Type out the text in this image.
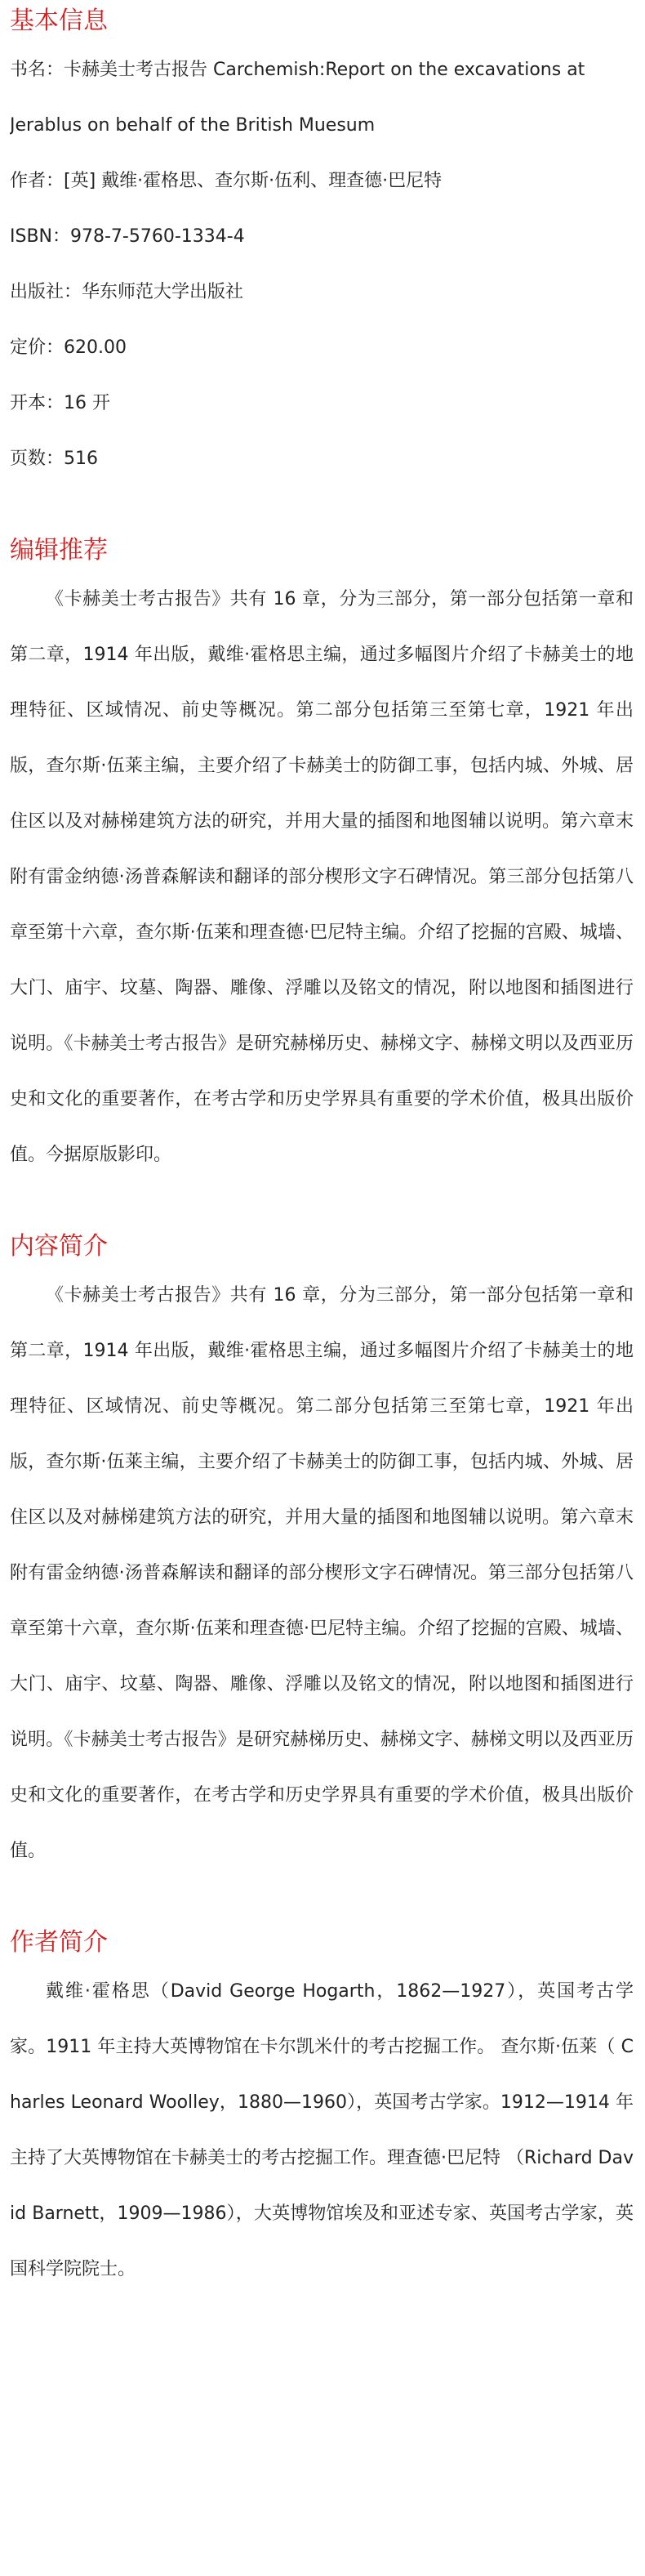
基本信息
书名：卡赫美士考古报告 Carchemish:Report on the excavations at
Jerablus on behalf of the British Muesum
作者：[英] 戴维·霍格思、查尔斯·伍利、理查德·巴尼特
ISBN：978-7-5760-1334-4
出版社：华东师范大学出版社
定价：620.00
开本：16 开
页数：516
编辑推荐

《卡赫美士考古报告》共有 16 章，分为三部分，第一部分包括第一章和第二章，1914 年出版，戴维·霍格思主编，通过多幅图片介绍了卡赫美士的地理特征、区域情况、前史等概况。第二部分包括第三至第七章，1921 年出版，查尔斯·伍莱主编，主要介绍了卡赫美士的防御工事，包括内城、外城、居住区以及对赫梯建筑方法的研究，并用大量的插图和地图辅以说明。第六章末附有雷金纳德·汤普森解读和翻译的部分楔形文字石碑情况。第三部分包括第八章至第十六章，查尔斯·伍莱和理查德·巴尼特主编。介绍了挖掘的宫殿、城墙、大门、庙宇、坟墓、陶器、雕像、浮雕以及铭文的情况，附以地图和插图进行说明。《卡赫美士考古报告》是研究赫梯历史、赫梯文字、赫梯文明以及西亚历史和文化的重要著作，在考古学和历史学界具有重要的学术价值，极具出版价值。今据原版影印。

内容简介

《卡赫美士考古报告》共有 16 章，分为三部分，第一部分包括第一章和第二章，1914 年出版，戴维·霍格思主编，通过多幅图片介绍了卡赫美士的地理特征、区域情况、前史等概况。第二部分包括第三至第七章，1921 年出版，查尔斯·伍莱主编，主要介绍了卡赫美士的防御工事，包括内城、外城、居住区以及对赫梯建筑方法的研究，并用大量的插图和地图辅以说明。第六章末附有雷金纳德·汤普森解读和翻译的部分楔形文字石碑情况。第三部分包括第八章至第十六章，查尔斯·伍莱和理查德·巴尼特主编。介绍了挖掘的宫殿、城墙、大门、庙宇、坟墓、陶器、雕像、浮雕以及铭文的情况，附以地图和插图进行说明。《卡赫美士考古报告》是研究赫梯历史、赫梯文字、赫梯文明以及西亚历史和文化的重要著作，在考古学和历史学界具有重要的学术价值，极具出版价值。

作者简介

戴维·霍格思（David George Hogarth，1862—1927），英国考古学家。1911 年主持大英博物馆在卡尔凯米什的考古挖掘工作。 查尔斯·伍莱（ Charles Leonard Woolley，1880—1960），英国考古学家。1912—1914 年主持了大英博物馆在卡赫美士的考古挖掘工作。理查德·巴尼特 （Richard David Barnett，1909—1986），大英博物馆埃及和亚述专家、英国考古学家，英国科学院院士。
